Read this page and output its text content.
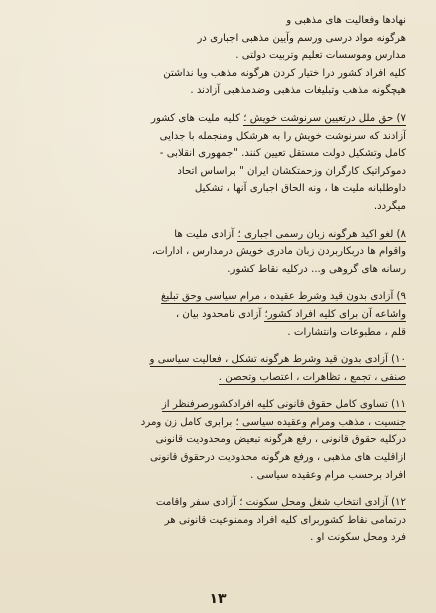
نهادها وفعالیت های مذهبی و
هرگونه مواد درسی ورسم وآیین مذهبی اجباری در
مدارس وموسسات تعلیم وتربیت دولتی .
کلیه افراد کشور درا ختیار کردن هرگونه مذهب ویا نداشتن
هیچگونه مذهب وتبلیغات مذهبی وضدمذهبی آزادند .
۷) حق ملل درتعیین سرنوشت خویش ؛ کلیه ملیت های کشور
آزادند که سرنوشت خویش را به هرشکل ومنجمله با جدایی
کامل وتشکیل دولت مستقل تعیین کنند. "جمهوری انقلابی -
دموکراتیک کارگران وزحمتکشان ایران " براساس اتحاد
داوطلبانه ملیت ها ، ونه الحاق اجباری آنها ، تشکیل
میگردد.
۸) لغو اکید هرگونه زبان رسمی اجباری ؛ آزادی ملیت ها
واقوام ها دربکاربردن زبان مادری خویش درمدارس ، ادارات،
رسانه های گروهی و... درکلیه نقاط کشور.
۹) آزادی بدون قید وشرط عقیده ، مرام سیاسی وحق تبلیغ
واشاعه آن برای کلیه افراد کشور؛ آزادی نامحدود بیان ،
قلم ، مطبوعات وانتشارات .
۱۰) آزادی بدون قید وشرط هرگونه تشکل ، فعالیت سیاسی و
صنفی ، تجمع ، تظاهرات ، اعتصاب وتحصن .
۱۱) تساوی کامل حقوق قانونی کلیه افرادکشورصرفنظر از
جنسیت ، مذهب ومرام وعقیده سیاسی ؛ برابری کامل زن ومرد
درکلیه حقوق قانونی ، رفع هرگونه تبعیض ومحدودیت قانونی
ازاقلیت های مذهبی ، ورفع هرگونه محدودیت درحقوق قانونی
افراد برحسب مرام وعقیده سیاسی .
۱۲) آزادی انتخاب شغل ومحل سکونت ؛ آزادی سفر واقامت
درتمامی نقاط کشوربرای کلیه افراد وممنوعیت قانونی هر
فرد ومحل سکونت او .
۱۳
